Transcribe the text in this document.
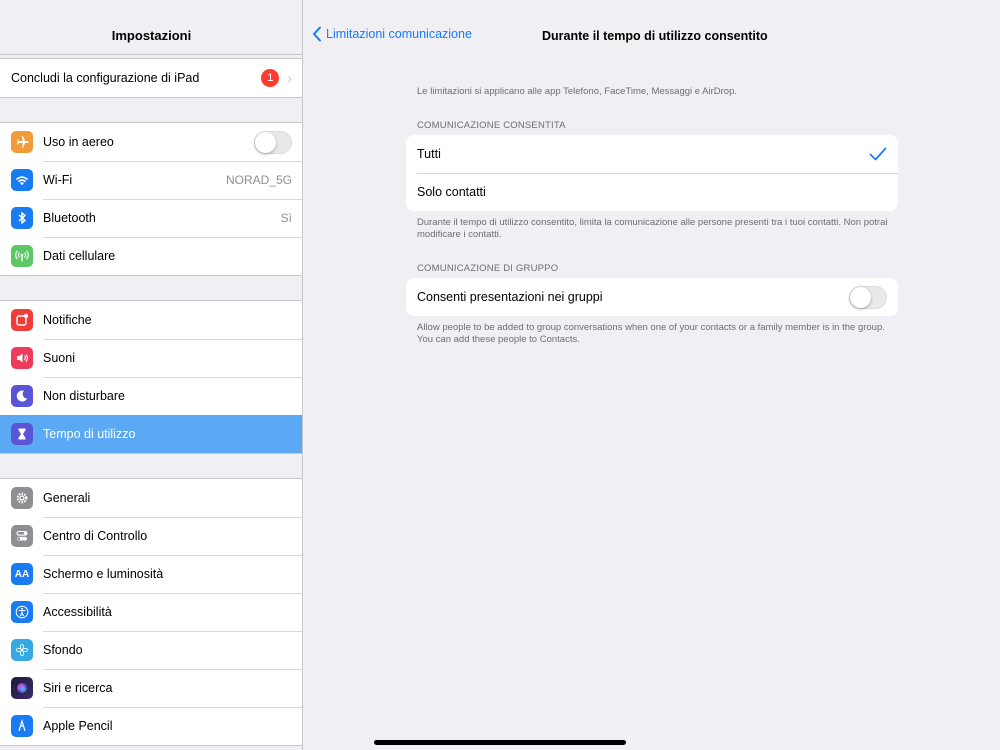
Impostazioni
Concludi la configurazione di iPad	1 ›
Uso in aereo
Wi-Fi	NORAD_5G
Bluetooth	Sì
Dati cellulare
Notifiche
Suoni
Non disturbare
Tempo di utilizzo
Generali
Centro di Controllo
AA	Schermo e luminosità
Accessibilità
Sfondo
Siri e ricerca
Apple Pencil
Limitazioni comunicazione	Durante il tempo di utilizzo consentito
Le limitazioni si applicano alle app Telefono, FaceTime, Messaggi e AirDrop.
COMUNICAZIONE CONSENTITA
Tutti
Solo contatti
Durante il tempo di utilizzo consentito, limita la comunicazione alle persone presenti tra i tuoi contatti. Non potrai modificare i contatti.
COMUNICAZIONE DI GRUPPO
Consenti presentazioni nei gruppi
Allow people to be added to group conversations when one of your contacts or a family member is in the group. You can add these people to Contacts.
